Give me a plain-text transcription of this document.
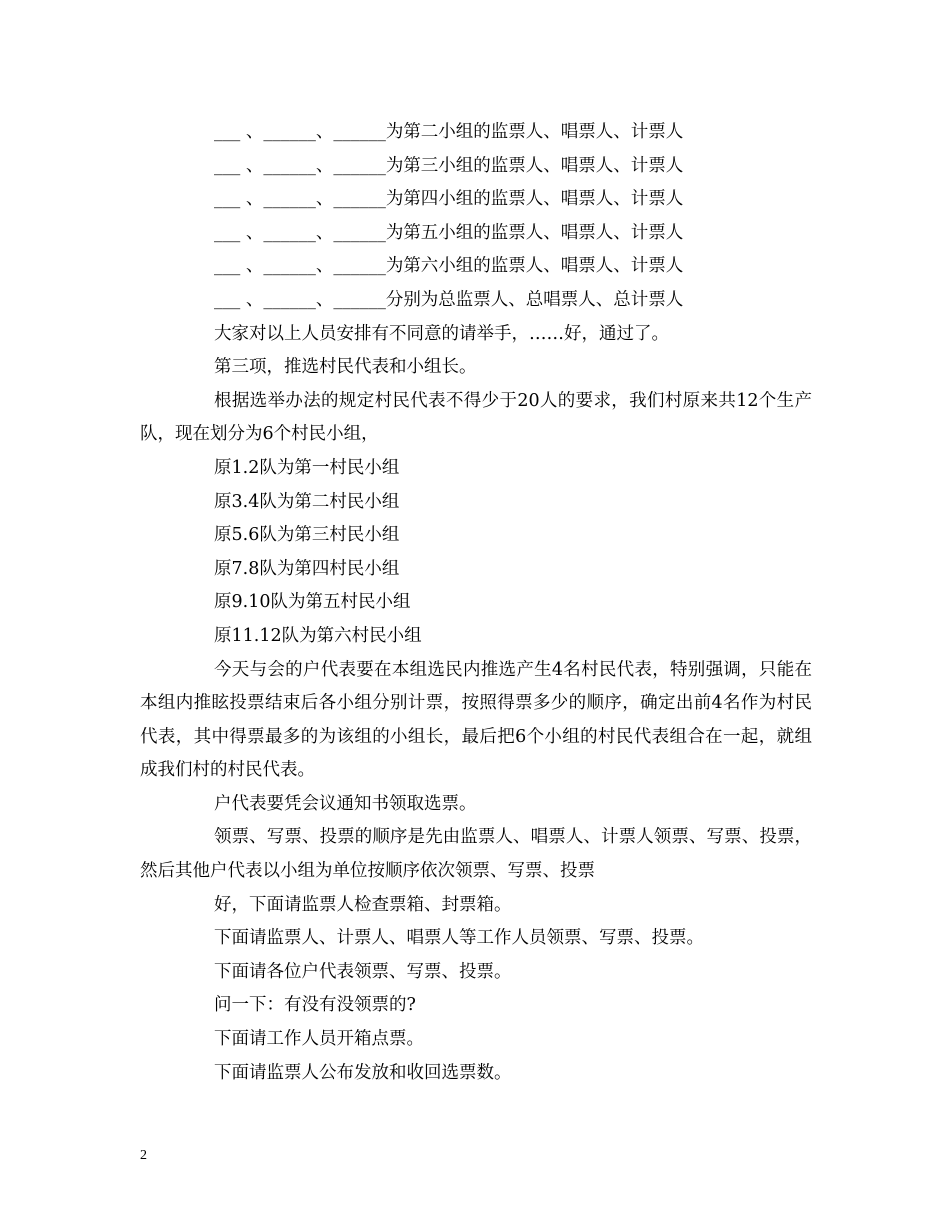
___ 、______、______为第二小组的监票人、唱票人、计票人
___ 、______、______为第三小组的监票人、唱票人、计票人
___ 、______、______为第四小组的监票人、唱票人、计票人
___ 、______、______为第五小组的监票人、唱票人、计票人
___ 、______、______为第六小组的监票人、唱票人、计票人
___ 、______、______分别为总监票人、总唱票人、总计票人
大家对以上人员安排有不同意的请举手，……好，通过了。
第三项，推选村民代表和小组长。
根据选举办法的规定村民代表不得少于20人的要求，我们村原来共12个生产队，现在划分为6个村民小组，
原1.2队为第一村民小组
原3.4队为第二村民小组
原5.6队为第三村民小组
原7.8队为第四村民小组
原9.10队为第五村民小组
原11.12队为第六村民小组
今天与会的户代表要在本组选民内推选产生4名村民代表，特别强调，只能在本组内推眩投票结束后各小组分别计票，按照得票多少的顺序，确定出前4名作为村民代表，其中得票最多的为该组的小组长，最后把6个小组的村民代表组合在一起，就组成我们村的村民代表。
户代表要凭会议通知书领取选票。
领票、写票、投票的顺序是先由监票人、唱票人、计票人领票、写票、投票，然后其他户代表以小组为单位按顺序依次领票、写票、投票
好，下面请监票人检查票箱、封票箱。
下面请监票人、计票人、唱票人等工作人员领票、写票、投票。
下面请各位户代表领票、写票、投票。
问一下：有没有没领票的?
下面请工作人员开箱点票。
下面请监票人公布发放和收回选票数。
2
